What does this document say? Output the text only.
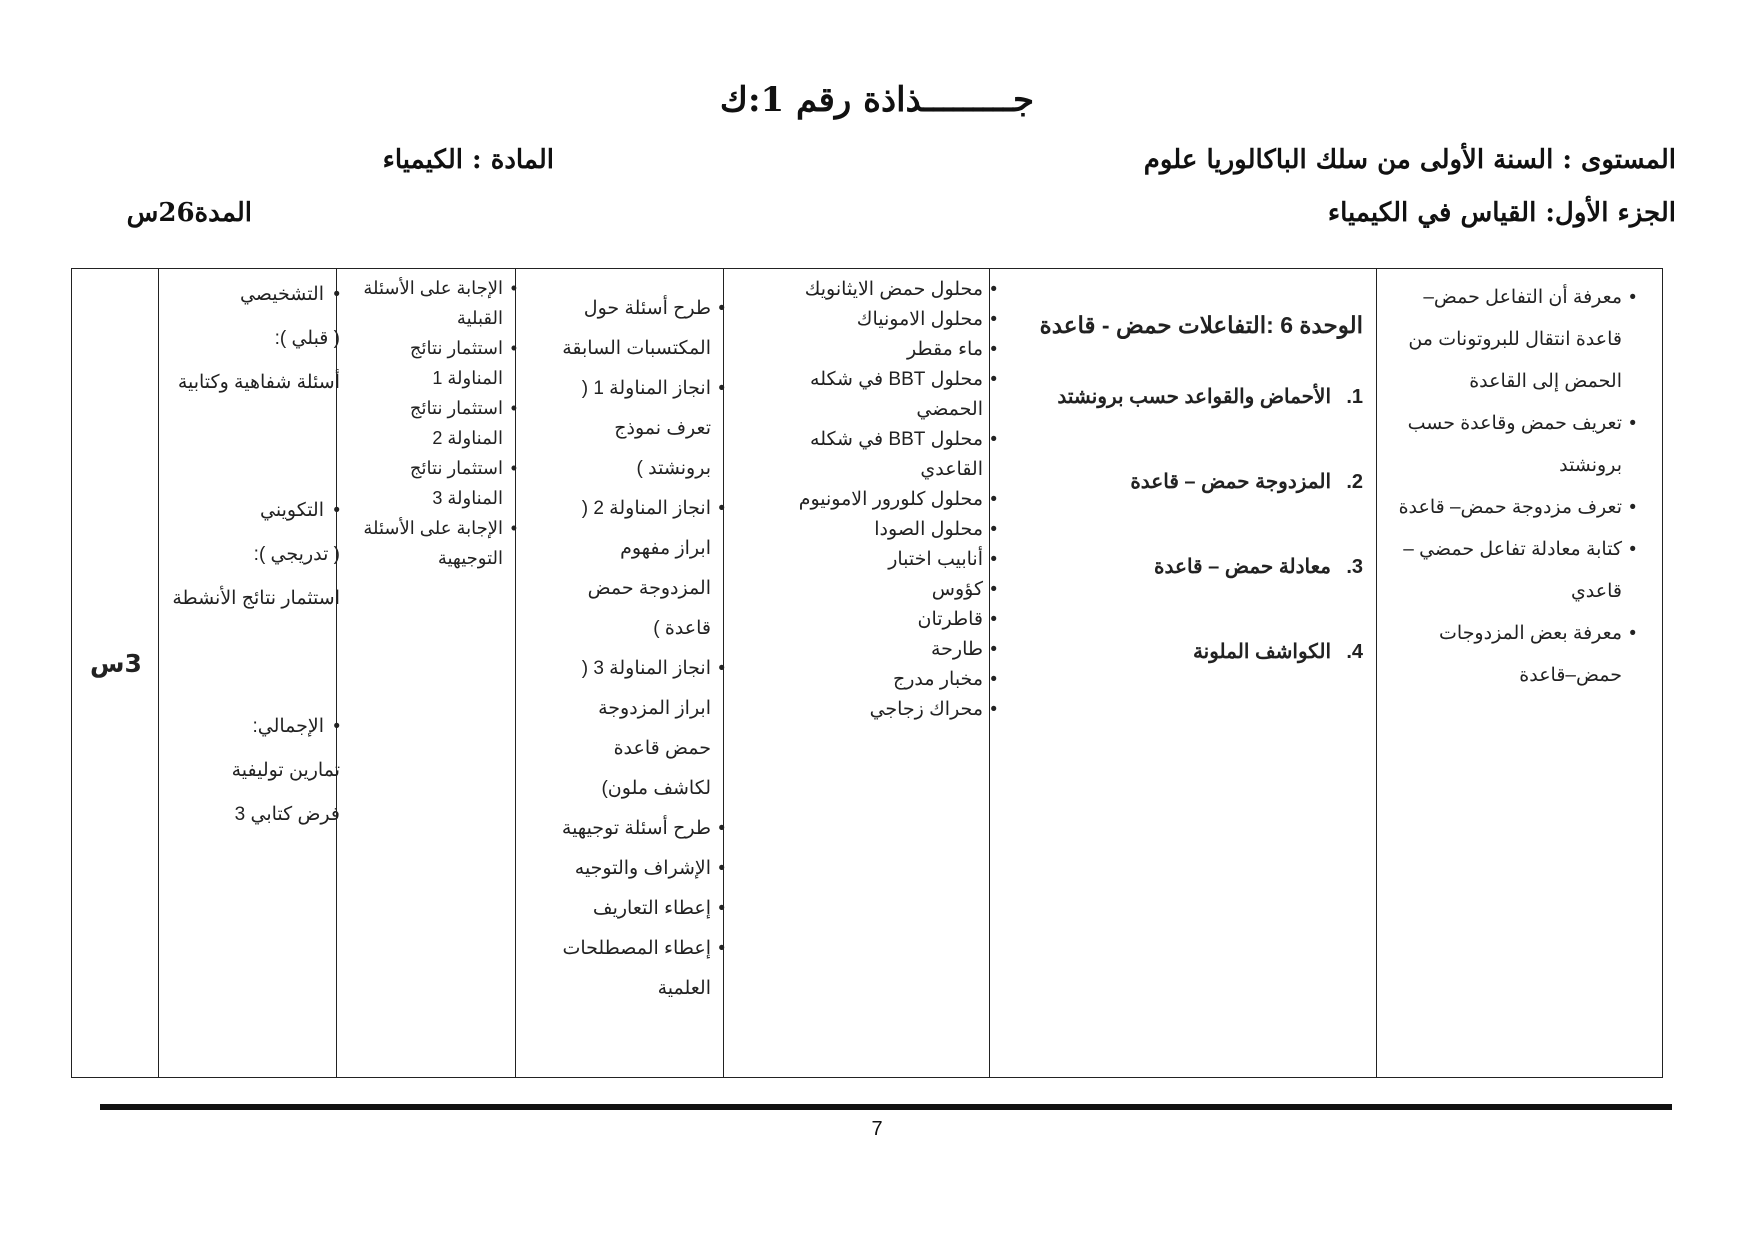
جـــــــــذاذة رقم 1:ك
المستوى : السنة الأولى من سلك الباكالوريا علوم
المادة : الكيمياء
الجزء الأول: القياس في الكيمياء
المدة26س
• معرفة أن التفاعل حمض– قاعدة انتقال للبروتونات من الحمض إلى القاعدة
• تعريف حمض وقاعدة حسب برونشتد
• تعرف مزدوجة حمض– قاعدة
• كتابة معادلة تفاعل حمضي – قاعدي
• معرفة بعض المزدوجات حمض–قاعدة
الوحدة 6 :التفاعلات حمض - قاعدة
1.الأحماض والقواعد حسب برونشتد
2.المزدوجة حمض – قاعدة
3.معادلة حمض – قاعدة
4.الكواشف الملونة
• محلول حمض الايثانويك
• محلول الامونياك
• ماء مقطر
• محلول BBT في شكله الحمضي
• محلول BBT في شكله القاعدي
• محلول كلورور الامونيوم
• محلول الصودا
• أنابيب اختبار
• كؤوس
• قاطرتان
• طارحة
• مخبار مدرج
• محراك زجاجي
• طرح أسئلة حول المكتسبات السابقة
• انجاز المناولة 1 ( تعرف نموذج برونشتد )
• انجاز المناولة 2 ( ابراز مفهوم المزدوجة حمض قاعدة )
• انجاز المناولة 3 ( ابراز المزدوجة حمض قاعدة لكاشف ملون)
• طرح أسئلة توجيهية
• الإشراف والتوجيه
• إعطاء التعاريف
• إعطاء المصطلحات العلمية
• الإجابة على الأسئلة القبلية
• استثمار نتائج المناولة 1
• استثمار نتائج المناولة 2
• استثمار نتائج المناولة 3
• الإجابة على الأسئلة التوجيهية
• التشخيصي
( قبلي ):
أسئلة شفاهية وكتابية
• التكويني
( تدريجي ):
استثمار نتائج الأنشطة
• الإجمالي:
تمارين توليفية
فرض كتابي 3
3س
7
